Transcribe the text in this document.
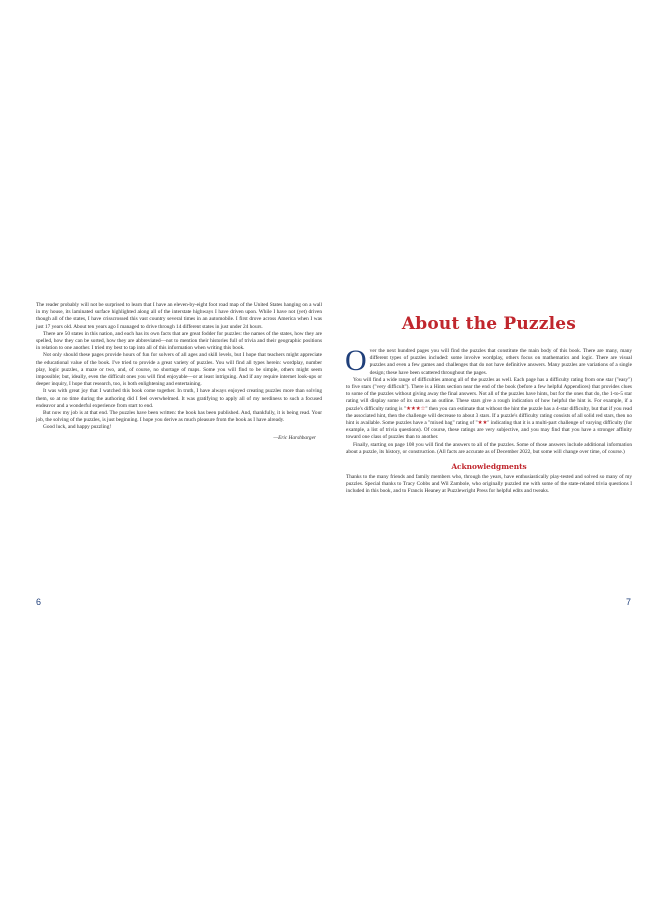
The reader probably will not be surprised to learn that I have an eleven-by-eight foot road map of the United States hanging on a wall in my house, its laminated surface highlighted along all of the interstate highways I have driven upon. While I have not (yet) driven though all of the states, I have crisscrossed this vast country several times in an automobile. I first drove across America when I was just 17 years old. About ten years ago I managed to drive through 14 different states in just under 24 hours.

There are 50 states in this nation, and each has its own facts that are great fodder for puzzles: the names of the states, how they are spelled, how they can be sorted, how they are abbreviated—not to mention their histories full of trivia and their geographic positions in relation to one another. I tried my best to tap into all of this information when writing this book.

Not only should these pages provide hours of fun for solvers of all ages and skill levels, but I hope that teachers might appreciate the educational value of the book. I've tried to provide a great variety of puzzles. You will find all types herein: wordplay, number play, logic puzzles, a maze or two, and, of course, no shortage of maps. Some you will find to be simple, others might seem impossible; but, ideally, even the difficult ones you will find enjoyable—or at least intriguing. And if any require internet look-ups or deeper inquiry, I hope that research, too, is both enlightening and entertaining.

It was with great joy that I watched this book come together. In truth, I have always enjoyed creating puzzles more than solving them, so at no time during the authoring did I feel overwhelmed. It was gratifying to apply all of my nerdiness to such a focused endeavor and a wonderful experience from start to end.

But now my job is at that end. The puzzles have been written: the book has been published. And, thankfully, it is being read. Your job, the solving of the puzzles, is just beginning. I hope you derive as much pleasure from the book as I have already.

Good luck, and happy puzzling!

— Eric Harshbarger
About the Puzzles

Over the next hundred pages you will find the puzzles that constitute the main body of this book. There are many, many different types of puzzles included: some involve wordplay, others focus on mathematics and logic. There are visual puzzles and even a few games and challenges that do not have definitive answers. Many puzzles are variations of a single design; these have been scattered throughout the pages.

You will find a wide range of difficulties among all of the puzzles as well. Each page has a difficulty rating from one star ("easy") to five stars ("very difficult"). There is a Hints section near the end of the book (before a few helpful Appendices) that provides clues to some of the puzzles without giving away the final answers. Not all of the puzzles have hints, but for the ones that do, the 1-to-5 star rating will display some of its stars as an outline. These stars give a rough indication of how helpful the hint is. For example, if a puzzle's difficulty rating is "★★★☆" then you can estimate that without the hint the puzzle has a 4-star difficulty, but that if you read the associated hint, then the challenge will decrease to about 3 stars. If a puzzle's difficulty rating consists of all solid red stars, then no hint is available. Some puzzles have a "mixed bag" rating of "★★" indicating that it is a multi-part challenge of varying difficulty (for example, a list of trivia questions). Of course, these ratings are very subjective, and you may find that you have a stronger affinity toward one class of puzzles than to another.

Finally, starting on page 108 you will find the answers to all of the puzzles. Some of those answers include additional information about a puzzle, its history, or construction. (All facts are accurate as of December 2022, but some will change over time, of course.)

Acknowledgments

Thanks to the many friends and family members who, through the years, have enthusiastically play-tested and solved so many of my puzzles. Special thanks to Tracy Cobbs and Wil Zambole, who originally puzzled me with some of the state-related trivia questions I included in this book, and to Francis Heaney at Puzzlewright Press for helpful edits and tweaks.

6	7
